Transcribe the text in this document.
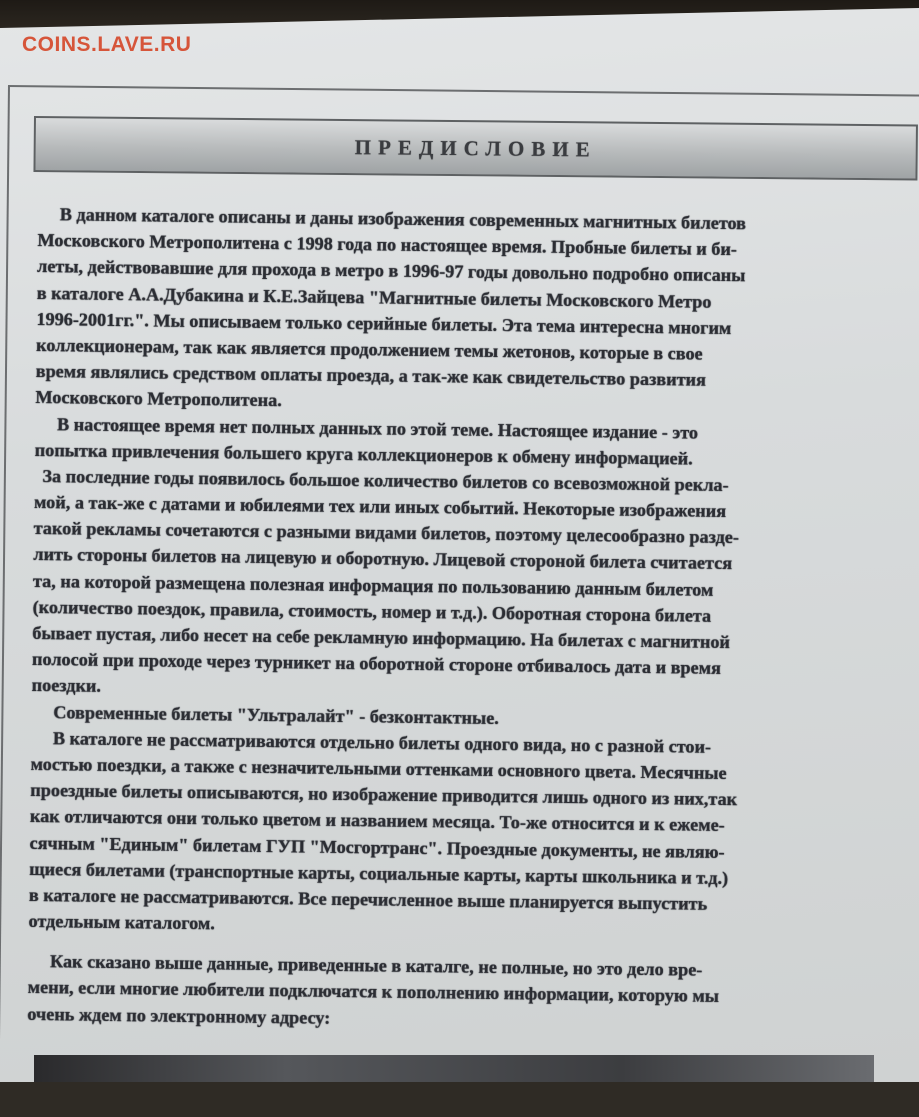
COINS.LAVE.RU
ПРЕДИСЛОВИЕ
В данном каталоге описаны и даны изображения современных магнитных билетов
Московского Метрополитена с 1998 года по настоящее время. Пробные билеты и би-
леты, действовавшие для прохода в метро в 1996-97 годы довольно подробно описаны
в каталоге А.А.Дубакина и К.Е.Зайцева "Магнитные билеты Московского Метро
1996-2001гг.". Мы описываем только серийные билеты. Эта тема интересна многим
коллекционерам, так как является продолжением темы жетонов, которые в свое
время являлись средством оплаты проезда, а так-же как свидетельство развития
Московского Метрополитена.
В настоящее время нет полных данных по этой теме. Настоящее издание - это
попытка привлечения большего круга коллекционеров к обмену информацией.
За последние годы появилось большое количество билетов со всевозможной рекла-
мой, а так-же с датами и юбилеями тех или иных событий. Некоторые изображения
такой рекламы сочетаются с разными видами билетов, поэтому целесообразно разде-
лить стороны билетов на лицевую и оборотную. Лицевой стороной билета считается
та, на которой размещена полезная информация по пользованию данным билетом
(количество поездок, правила, стоимость, номер и т.д.). Оборотная сторона билета
бывает пустая, либо несет на себе рекламную информацию. На билетах с магнитной
полосой при проходе через турникет на оборотной стороне отбивалось дата и время
поездки.
Современные билеты "Ультралайт" - безконтактные.
В каталоге не рассматриваются отдельно билеты одного вида, но с разной стои-
мостью поездки, а также с незначительными оттенками основного цвета. Месячные
проездные билеты описываются, но изображение приводится лишь одного из них,так
как отличаются они только цветом и названием месяца. То-же относится и к ежеме-
сячным "Единым" билетам ГУП "Мосгортранс". Проездные документы, не являю-
щиеся билетами (транспортные карты, социальные карты, карты школьника и т.д.)
в каталоге не рассматриваются. Все перечисленное выше планируется выпустить
отдельным каталогом.
Как сказано выше данные, приведенные в каталге, не полные, но это дело вре-
мени, если многие любители подключатся к пополнению информации, которую мы
очень ждем по электронному адресу:
